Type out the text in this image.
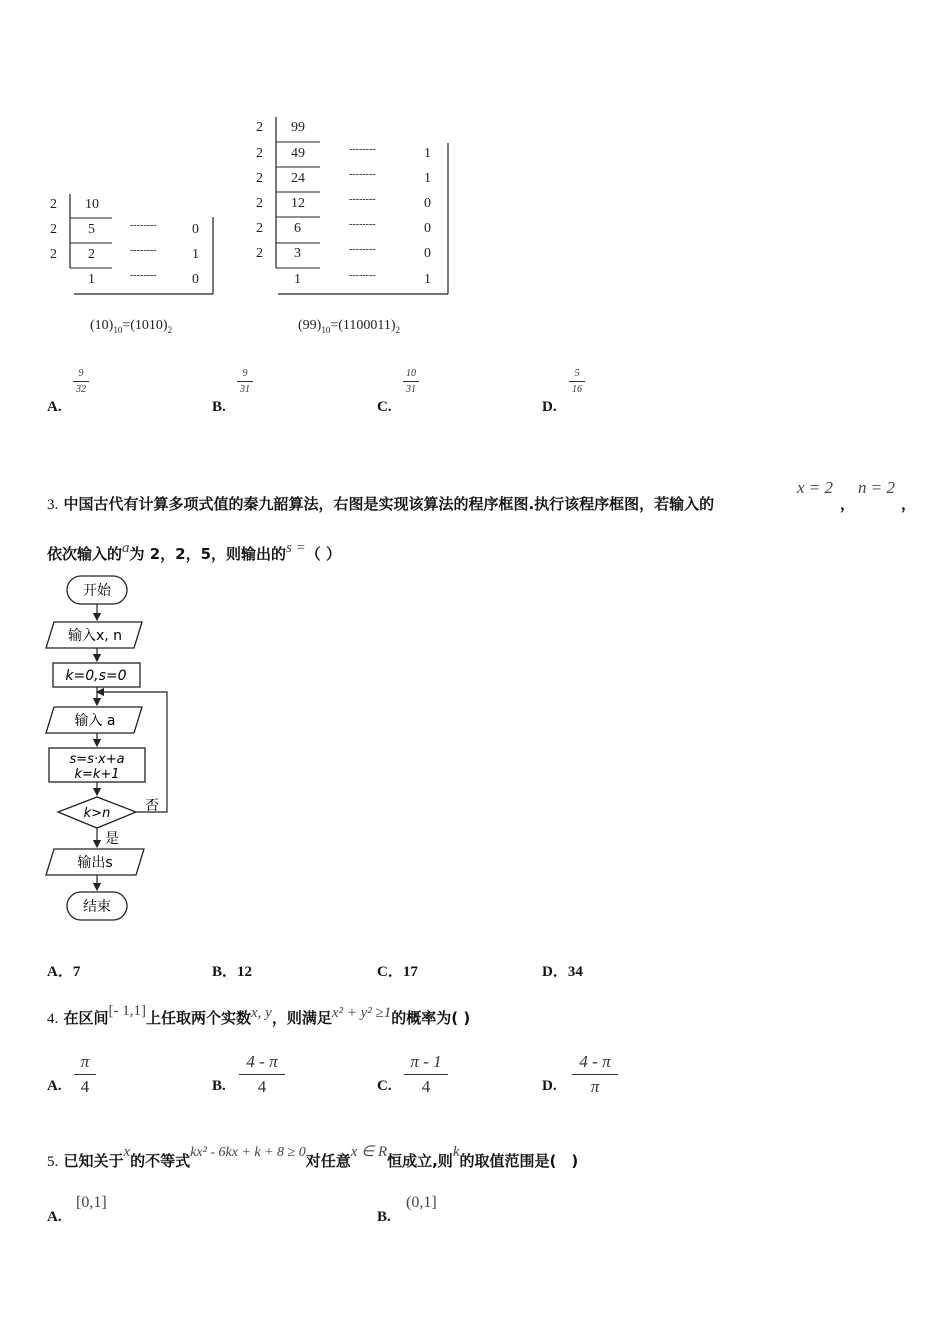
2 10
2 5	--------	0
2 2	--------	1
1	--------	0
$(10)_{10}=(1010)_2$
2 99
2 49	--------	1
2 24	--------	1
2 12	--------	0
2 6	--------	0
2 3	--------	0
1	--------	1
$(99)_{10}=(1100011)_2$
A.
9
32
B.
9
31
C.
10
31
D.
5
16
3. 中国古代有计算多项式值的秦九韶算法，右图是实现该算法的程序框图.执行该程序框图，若输入的
x = 2
，
n = 2
，
依次输入的a为 2，2，5，则输出的s =（ ）
开始
输入x, n
k=0,s=0
输入 a
s=s·x+a
k=k+1
k>n 否
是
输出s
结束
A．7	B．12	C．17	D．34
4. 在区间[- 1,1]上任取两个实数x, y，则满足x² + y² ≥1的概率为( )
A.
π
4	B.
4 - π
4	C.
π - 1
4	D.
4 - π
π
5. 已知关于x的不等式kx² - 6kx + k + 8 ≥ 0对任意x ∈ R恒成立,则k的取值范围是(　)
A.
[0,1]
B.
(0,1]
